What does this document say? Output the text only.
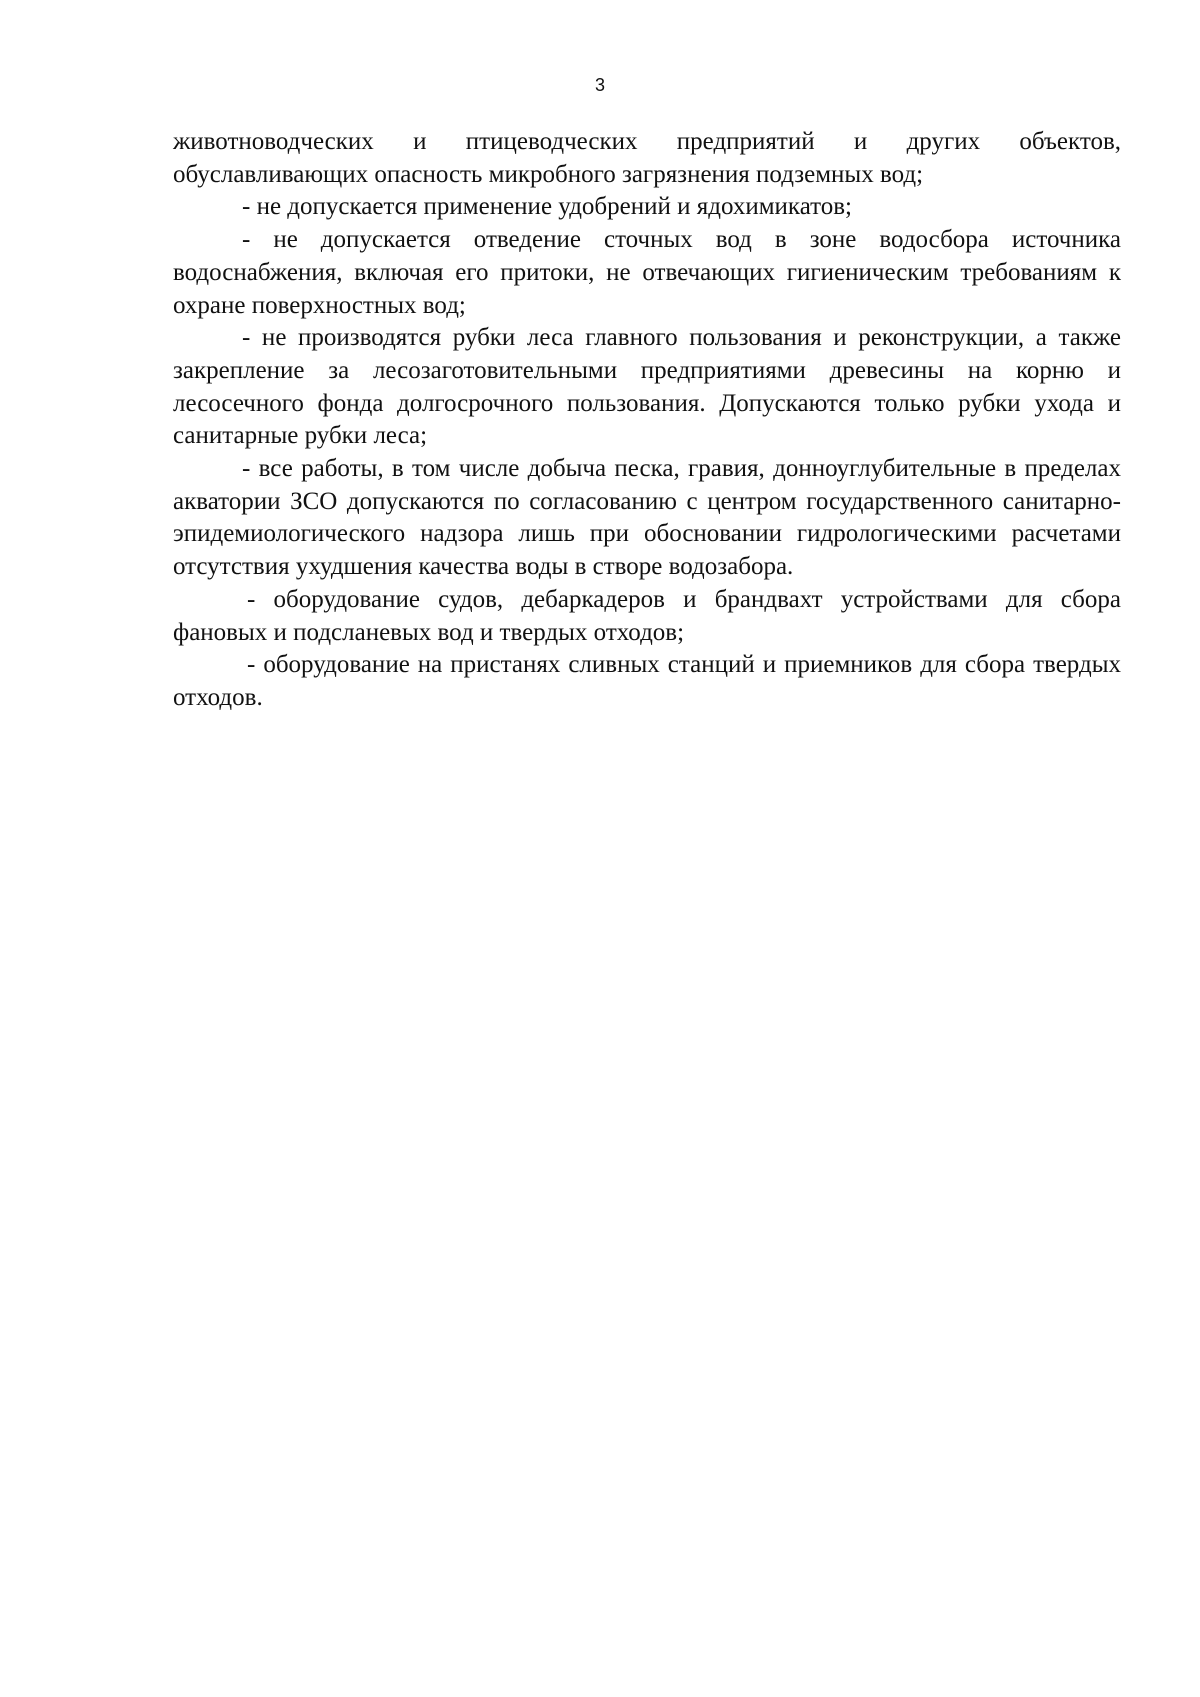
3

животноводческих и птицеводческих предприятий и других объектов, обуславливающих опасность микробного загрязнения подземных вод;

- не допускается применение удобрений и ядохимикатов;

- не допускается отведение сточных вод в зоне водосбора источника водоснабжения, включая его притоки, не отвечающих гигиеническим требованиям к охране поверхностных вод;

- не производятся рубки леса главного пользования и реконструкции, а также закрепление за лесозаготовительными предприятиями древесины на корню и лесосечного фонда долгосрочного пользования. Допускаются только рубки ухода и санитарные рубки леса;

- все работы, в том числе добыча песка, гравия, донноуглубительные в пределах акватории ЗСО допускаются по согласованию с центром государственного санитарно-эпидемиологического надзора лишь при обосновании гидрологическими расчетами отсутствия ухудшения качества воды в створе водозабора.

- оборудование судов, дебаркадеров и брандвахт устройствами для сбора фановых и подсланевых вод и твердых отходов;

- оборудование на пристанях сливных станций и приемников для сбора твердых отходов.
